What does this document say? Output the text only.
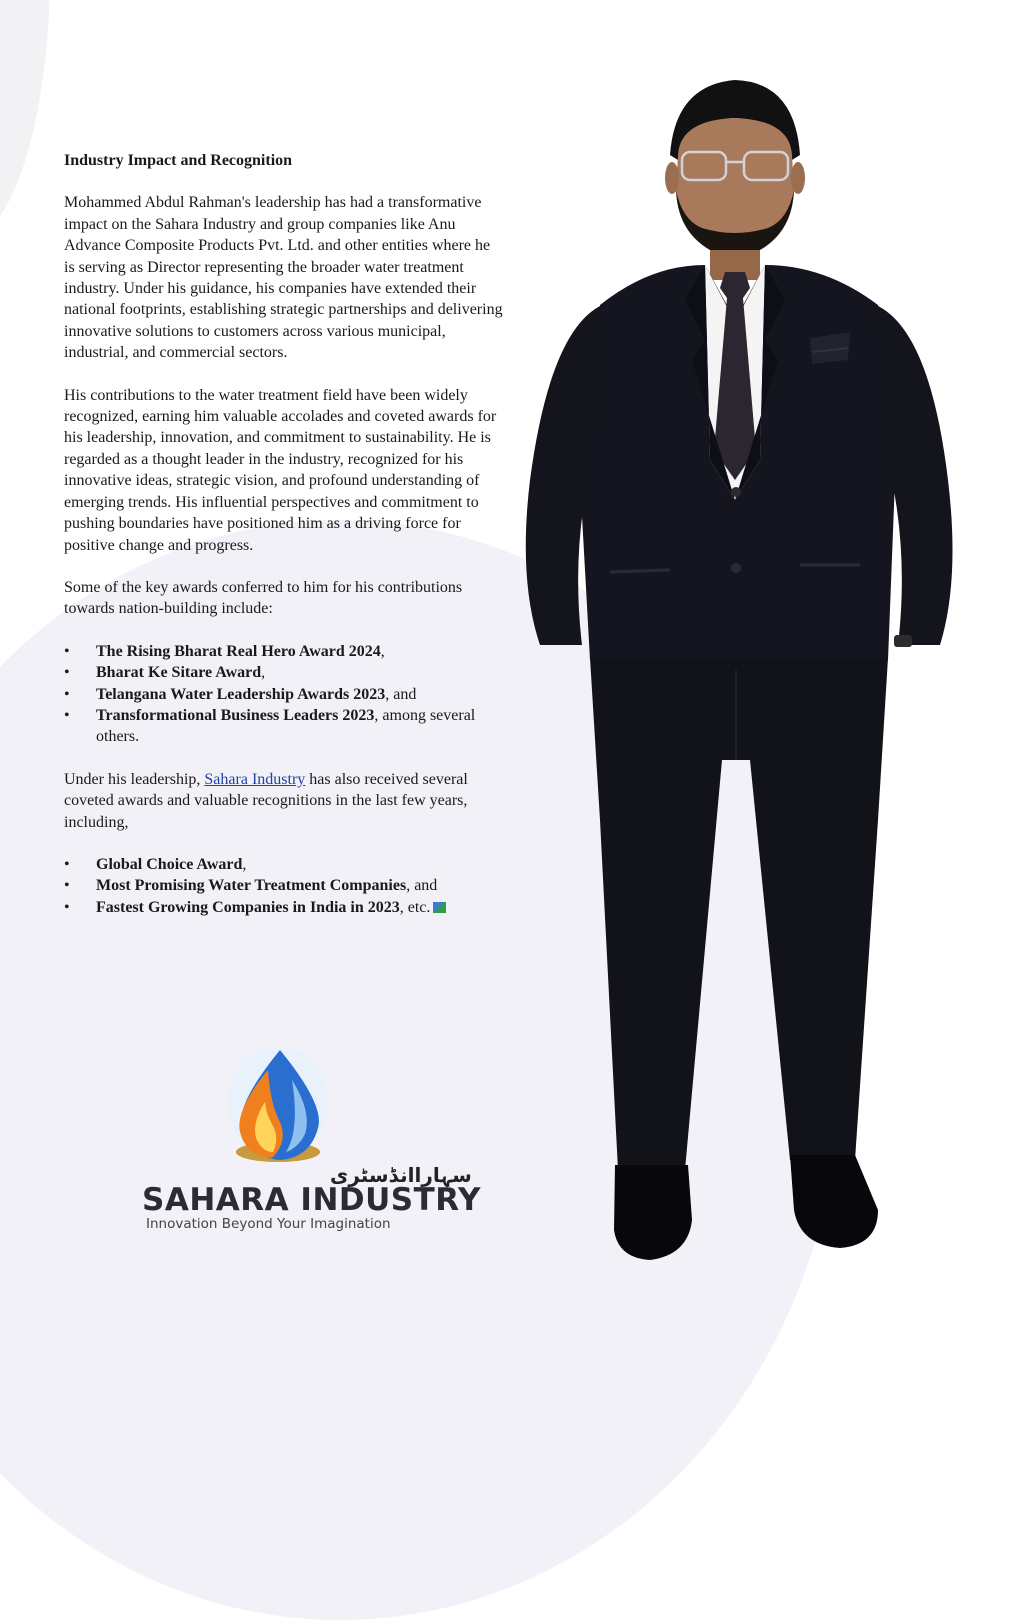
Industry Impact and Recognition

Mohammed Abdul Rahman's leadership has had a transformative impact on the Sahara Industry and group companies like Anu Advance Composite Products Pvt. Ltd. and other entities where he is serving as Director representing the broader water treatment industry. Under his guidance, his companies have extended their national footprints, establishing strategic partnerships and delivering innovative solutions to customers across various municipal, industrial, and commercial sectors.

His contributions to the water treatment field have been widely recognized, earning him valuable accolades and coveted awards for his leadership, innovation, and commitment to sustainability. He is regarded as a thought leader in the industry, recognized for his innovative ideas, strategic vision, and profound understanding of emerging trends. His influential perspectives and commitment to pushing boundaries have positioned him as a driving force for positive change and progress.

Some of the key awards conferred to him for his contributions towards nation-building include:

• The Rising Bharat Real Hero Award 2024,
• Bharat Ke Sitare Award,
• Telangana Water Leadership Awards 2023, and
• Transformational Business Leaders 2023, among several others.

Under his leadership, Sahara Industry has also received several coveted awards and valuable recognitions in the last few years, including,

• Global Choice Award,
• Most Promising Water Treatment Companies, and
• Fastest Growing Companies in India in 2023, etc.
سہاراانڈسٹری
SAHARA INDUSTRY
Innovation Beyond Your Imagination
